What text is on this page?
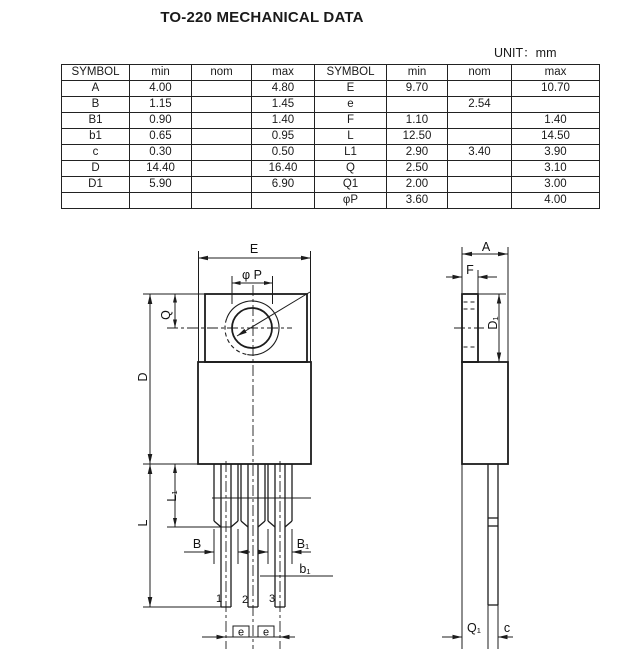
TO-220 MECHANICAL DATA
UNIT：mm
SYMBOL	min	nom	max	SYMBOL	min	nom	max
A	4.00		4.80	E	9.70		10.70
B	1.15		1.45	e		2.54	
B1	0.90		1.40	F	1.10		1.40
b1	0.65		0.95	L	12.50		14.50
c	0.30		0.50	L1	2.90	3.40	3.90
D	14.40		16.40	Q	2.50		3.10
D1	5.90		6.90	Q1	2.00		3.00
				φP	3.60		4.00
E
φ P
Q
D
L
L₁
B	B₁
b₁
1 2 3
e e
A
F
D₁
Q₁ c
